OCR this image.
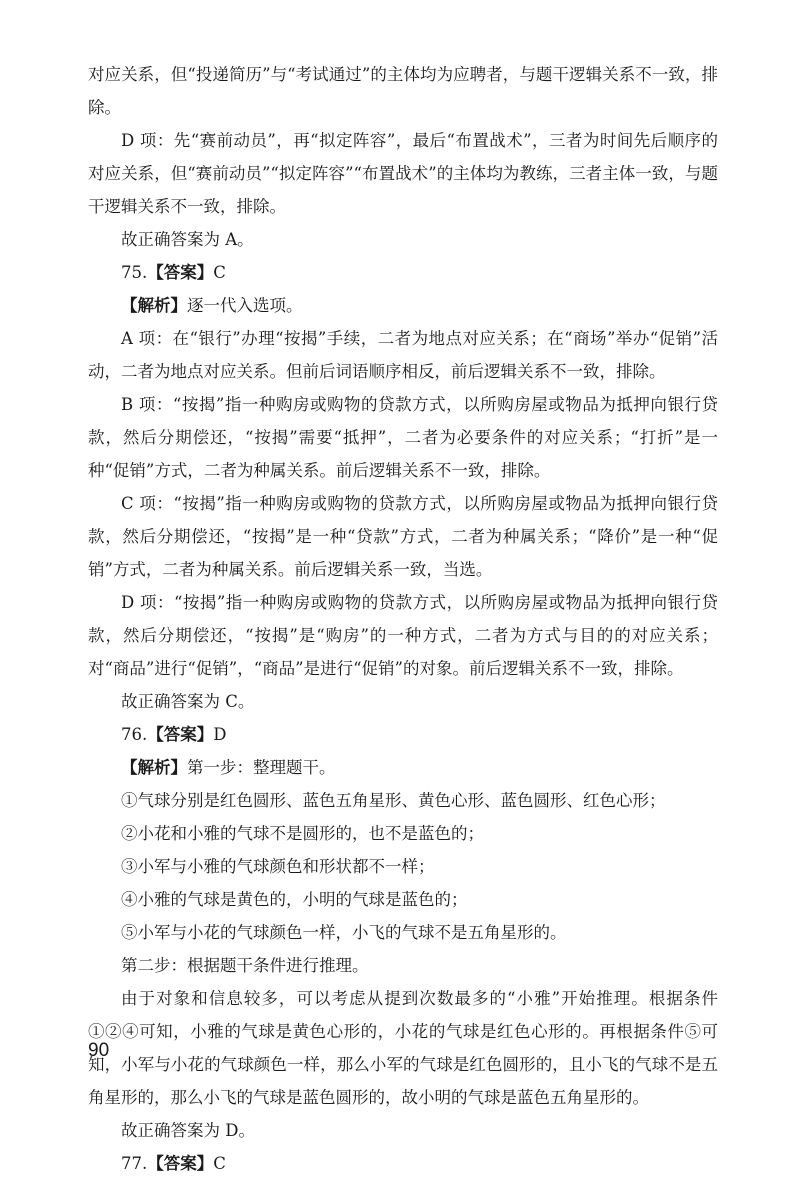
对应关系，但“投递简历”与“考试通过”的主体均为应聘者，与题干逻辑关系不一致，排除。

D 项：先“赛前动员”，再“拟定阵容”，最后“布置战术”，三者为时间先后顺序的对应关系，但“赛前动员”“拟定阵容”“布置战术”的主体均为教练，三者主体一致，与题干逻辑关系不一致，排除。

故正确答案为 A。

75.【答案】C

【解析】逐一代入选项。

A 项：在“银行”办理“按揭”手续，二者为地点对应关系；在“商场”举办“促销”活动，二者为地点对应关系。但前后词语顺序相反，前后逻辑关系不一致，排除。

B 项：“按揭”指一种购房或购物的贷款方式，以所购房屋或物品为抵押向银行贷款，然后分期偿还，“按揭”需要“抵押”，二者为必要条件的对应关系；“打折”是一种“促销”方式，二者为种属关系。前后逻辑关系不一致，排除。

C 项：“按揭”指一种购房或购物的贷款方式，以所购房屋或物品为抵押向银行贷款，然后分期偿还，“按揭”是一种“贷款”方式，二者为种属关系；“降价”是一种“促销”方式，二者为种属关系。前后逻辑关系一致，当选。

D 项：“按揭”指一种购房或购物的贷款方式，以所购房屋或物品为抵押向银行贷款，然后分期偿还，“按揭”是“购房”的一种方式，二者为方式与目的的对应关系；对“商品”进行“促销”，“商品”是进行“促销”的对象。前后逻辑关系不一致，排除。

故正确答案为 C。

76.【答案】D

【解析】第一步：整理题干。

①气球分别是红色圆形、蓝色五角星形、黄色心形、蓝色圆形、红色心形；

②小花和小雅的气球不是圆形的，也不是蓝色的；

③小军与小雅的气球颜色和形状都不一样；

④小雅的气球是黄色的，小明的气球是蓝色的；

⑤小军与小花的气球颜色一样，小飞的气球不是五角星形的。

第二步：根据题干条件进行推理。

由于对象和信息较多，可以考虑从提到次数最多的“小雅”开始推理。根据条件①②④可知，小雅的气球是黄色心形的，小花的气球是红色心形的。再根据条件⑤可知，小军与小花的气球颜色一样，那么小军的气球是红色圆形的，且小飞的气球不是五角星形的，那么小飞的气球是蓝色圆形的，故小明的气球是蓝色五角星形的。

故正确答案为 D。

77.【答案】C

90
